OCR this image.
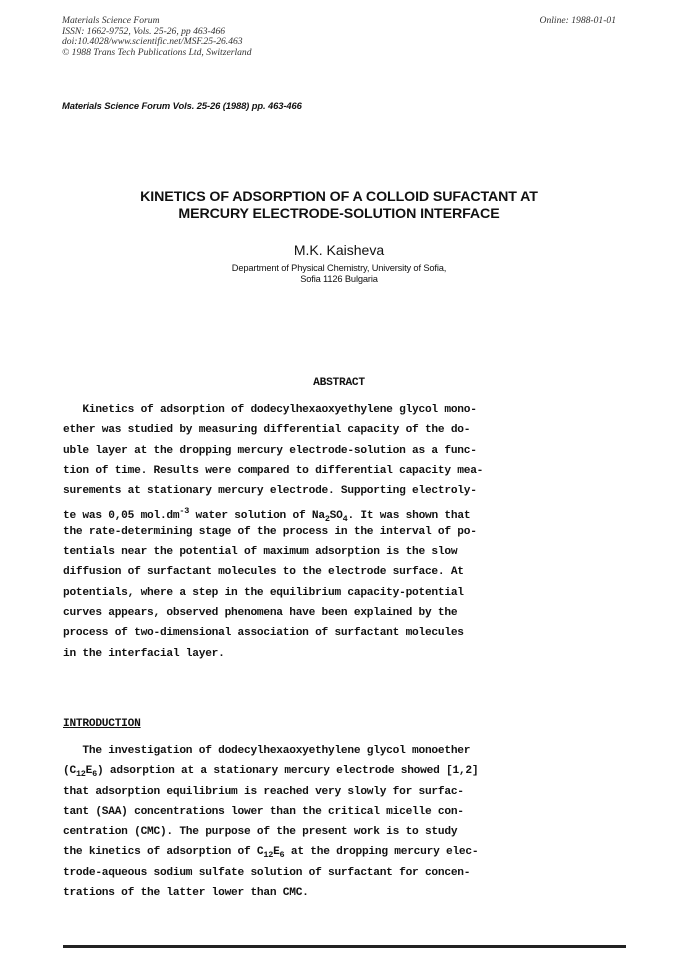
Materials Science Forum
ISSN: 1662-9752, Vols. 25-26, pp 463-466
doi:10.4028/www.scientific.net/MSF.25-26.463
© 1988 Trans Tech Publications Ltd, Switzerland
Online: 1988-01-01
Materials Science Forum Vols. 25-26 (1988) pp. 463-466
KINETICS OF ADSORPTION OF A COLLOID SUFACTANT AT
MERCURY ELECTRODE-SOLUTION INTERFACE
M.K. Kaisheva
Department of Physical Chemistry, University of Sofia,
Sofia 1126 Bulgaria
ABSTRACT
Kinetics of adsorption of dodecylhexaoxyethylene glycol mono-
ether was studied by measuring differential capacity of the do-
uble layer at the dropping mercury electrode-solution as a func-
tion of time. Results were compared to differential capacity mea-
surements at stationary mercury electrode. Supporting electroly-
te was 0,05 $mol.dm^{-3}$ water solution of $Na_2SO_4$. It was shown that
the rate-determining stage of the process in the interval of po-
tentials near the potential of maximum adsorption is the slow
diffusion of surfactant molecules to the electrode surface. At
potentials, where a step in the equilibrium capacity-potential
curves appears, observed phenomena have been explained by the
process of two-dimensional association of surfactant molecules
in the interfacial layer.
INTRODUCTION
The investigation of dodecylhexaoxyethylene glycol monoether
$(C_{12}E_6)$ adsorption at a stationary mercury electrode showed [1,2]
that adsorption equilibrium is reached very slowly for surfac-
tant (SAA) concentrations lower than the critical micelle con-
centration (CMC). The purpose of the present work is to study
the kinetics of adsorption of $C_{12}E_6$ at the dropping mercury elec-
trode-aqueous sodium sulfate solution of surfactant for concen-
trations of the latter lower than CMC.
